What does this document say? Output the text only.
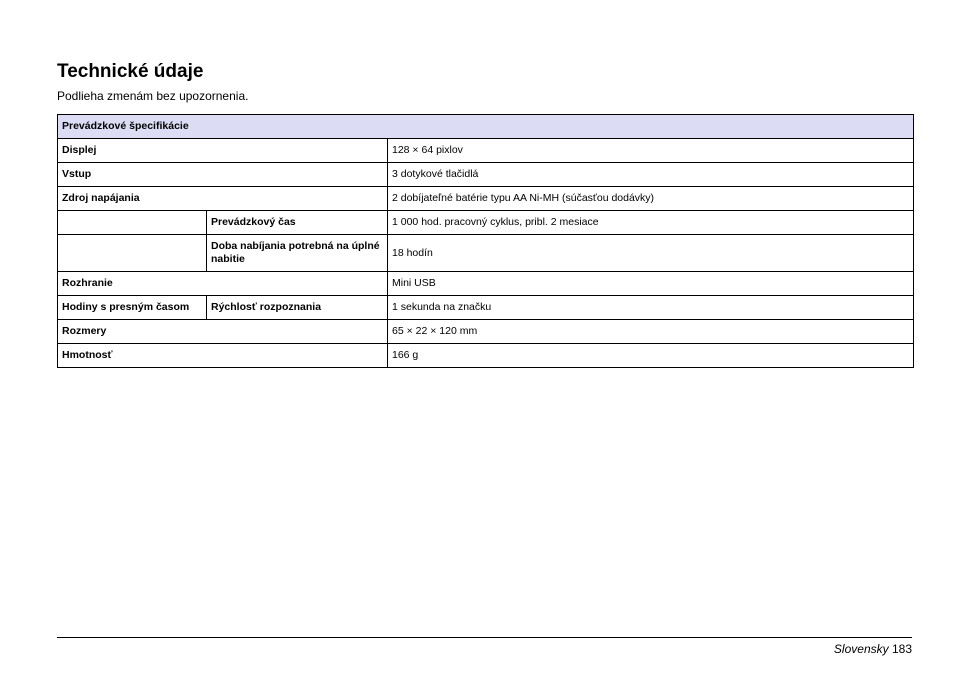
Technické údaje

Podlieha zmenám bez upozornenia.

Prevádzkové špecifikácie		
Displej		128 × 64 pixlov
Vstup		3 dotykové tlačidlá
Zdroj napájania		2 dobíjateľné batérie typu AA Ni-MH (súčasťou dodávky)
	Prevádzkový čas	1 000 hod. pracovný cyklus, pribl. 2 mesiace
	Doba nabíjania potrebná na úplné nabitie	18 hodín
Rozhranie		Mini USB
Hodiny s presným časom	Rýchlosť rozpoznania	1 sekunda na značku
Rozmery		65 × 22 × 120 mm
Hmotnosť		166 g
Slovensky 183
